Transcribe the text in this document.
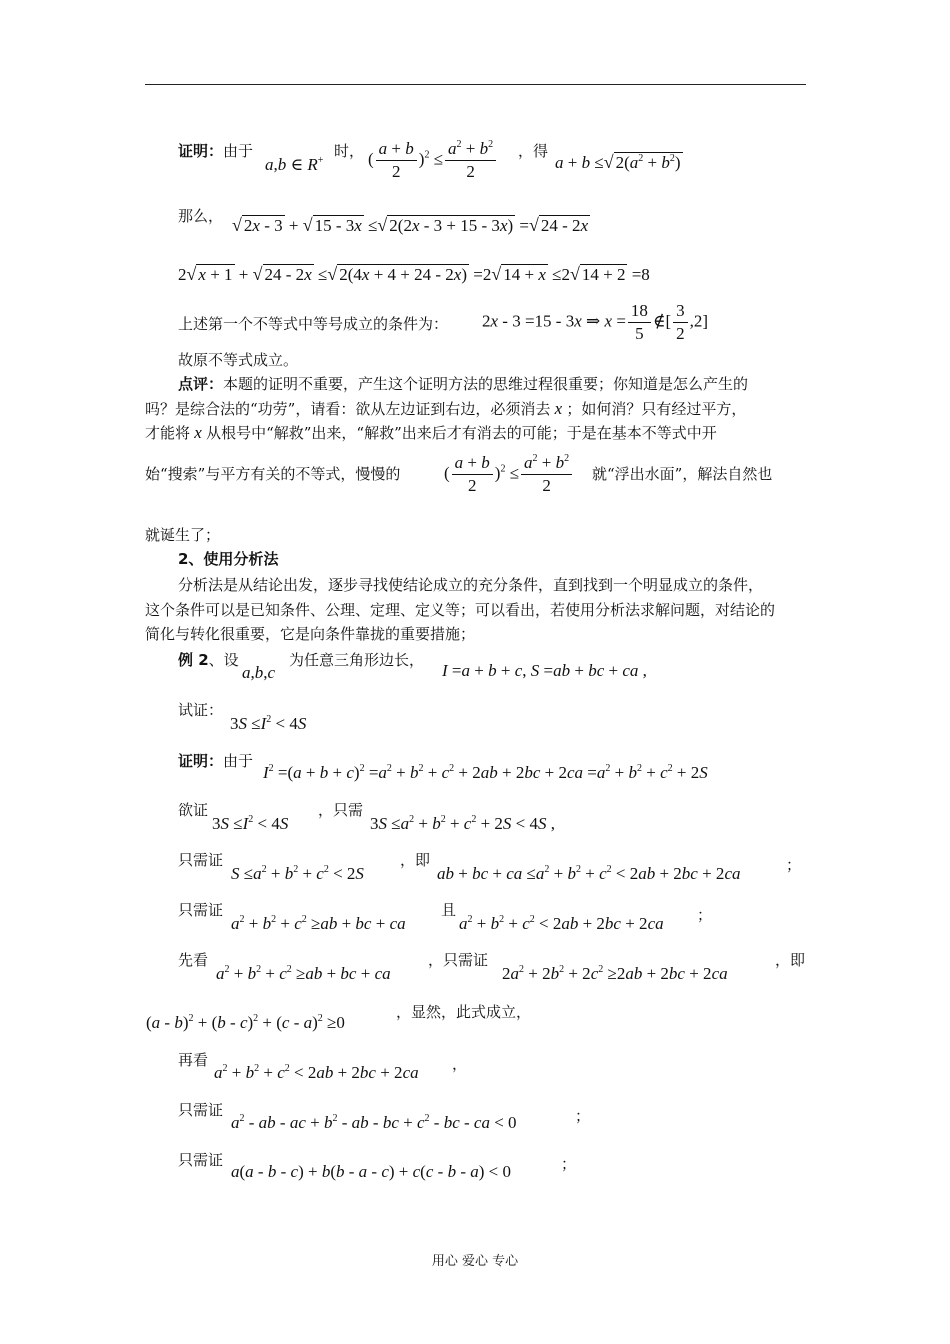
证明：由于
a,b ∈ R+
时， ( $\frac{a + b}{2} )^2 \le \frac{a^2 + b^2}{2}$ ，得
a + b ≤√ $2(a^2 + b^2)$
那么， √ 2x - 3 + √ 15 - 3x ≤√ 2(2x - 3 + 15 - 3x) =√ 24 - 2x
2√ x + 1 + √ 24 - 2x ≤√ 2(4x + 4 + 24 - 2x) =2√ 14 + x ≤2√ 14 + 2 =8
上述第一个不等式中等号成立的条件为： 2x - 3 =15 - 3x ⇒ $x = \frac{18}{5}$ ∉[ $\frac{3}{2} ,2$]
故原不等式成立。
点评：本题的证明不重要，产生这个证明方法的思维过程很重要；你知道是怎么产生的
吗？是综合法的“功劳”，请看：欲从左边证到右边，必须消去 x ；如何消？只有经过平方，
才能将 x 从根号中“解救”出来，“解救”出来后才有消去的可能；于是在基本不等式中开
始“搜索”与平方有关的不等式，慢慢的	( $\frac{a + b}{2} )^2 \le \frac{a^2 + b^2}{2}$ 就“浮出水面”，解法自然也
就诞生了；
2、使用分析法
分析法是从结论出发，逐步寻找使结论成立的充分条件，直到找到一个明显成立的条件，
这个条件可以是已知条件、公理、定理、定义等；可以看出，若使用分析法求解问题，对结论的
简化与转化很重要，它是向条件靠拢的重要措施；
例 2、设
a,b,c
为任意三角形边长，
I =a + b + c, S =ab + bc + ca ,
试证：
$3S \le I^2 < 4S$
证明：由于
$I^2 =(a + b + c)^2 =a^2 + b^2 + c^2 + 2ab + 2bc + 2ca =a^2 + b^2 + c^2 + 2S$
欲证
$3S \le I^2 < 4S$
，只需
$3S \le a^2 + b^2 + c^2 + 2S < 4S$ ,
只需证
$S \le a^2 + b^2 + c^2 < 2S$
，即
ab + bc + ca $\le a^2 + b^2 + c^2 < 2ab + 2bc + 2ca$	；
只需证
$a^2 + b^2 + c^2 \ge ab$ + bc + ca
且
$a^2 + b^2 + c^2 < 2ab + 2bc + 2ca$ ；
先看
$a^2 + b^2 + c^2 \ge ab$ + bc + ca
，只需证
$2a^2 + 2b^2 + 2c^2 \ge 2ab + 2bc + 2ca$
，即
(a - b)$^2$ + (b - c)$^2$ + (c - a)$^2$ ≥0
，显然，此式成立，
再看
$a^2 + b^2 + c^2 < 2ab + 2bc + 2ca$ ，
只需证
$a^2$ - ab - ac + $b^2$ - ab - bc + $c^2$ - bc - ca < 0	；
只需证
a(a - b - c) + b(b - a - c) + c(c - b - a) < 0	；
用心 爱心 专心
